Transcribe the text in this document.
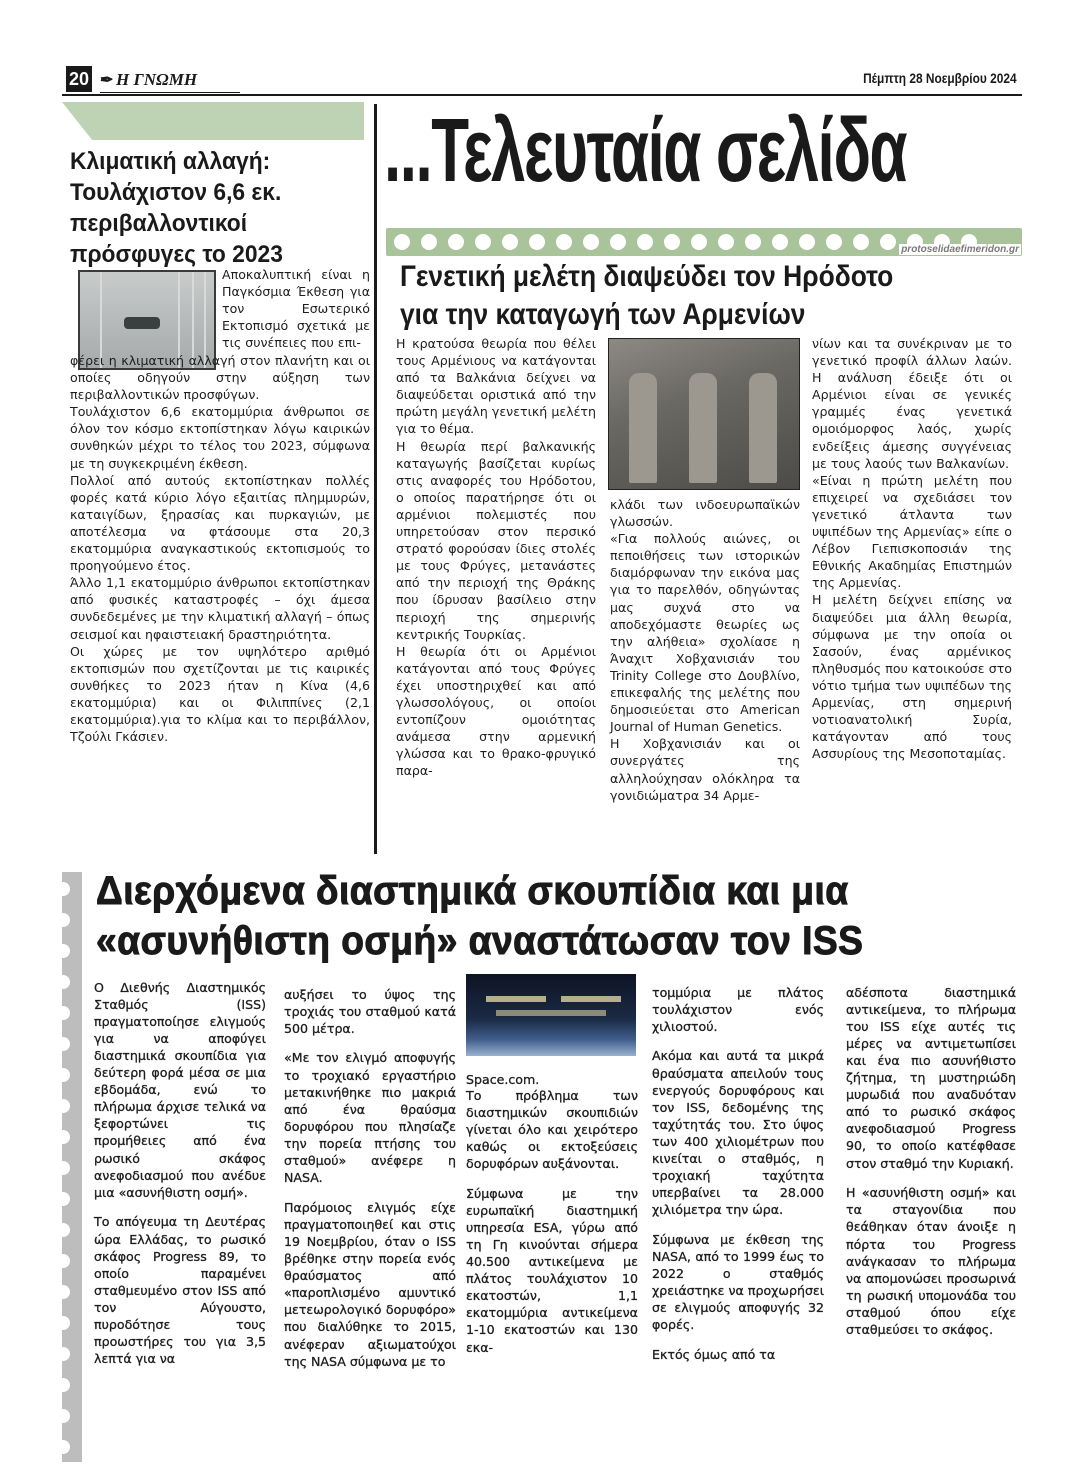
20 ✒ Η ΓΝΩΜΗ	Πέμπτη 28 Νοεμβρίου 2024
...Τελευταία σελίδα
protoselidaefimeridon.gr
Κλιματική αλλαγή: Τουλάχιστον 6,6 εκ. περιβαλλοντικοί πρόσφυγες το 2023

Αποκαλυπτική είναι η Παγκόσμια Έκθεση για τον Εσωτερικό Εκτοπισμό σχετικά με τις συνέπειες που επι-

φέρει η κλιματική αλλαγή στον πλανήτη και οι οποίες οδηγούν στην αύξηση των περιβαλλοντικών προσφύγων.

Τουλάχιστον 6,6 εκατομμύρια άνθρωποι σε όλον τον κόσμο εκτοπίστηκαν λόγω καιρικών συνθηκών μέχρι το τέλος του 2023, σύμφωνα με τη συγκεκριμένη έκθεση.

Πολλοί από αυτούς εκτοπίστηκαν πολλές φορές κατά κύριο λόγο εξαιτίας πλημμυρών, καταιγίδων, ξηρασίας και πυρκαγιών, με αποτέλεσμα να φτάσουμε στα 20,3 εκατομμύρια αναγκαστικούς εκτοπισμούς το προηγούμενο έτος.

Άλλο 1,1 εκατομμύριο άνθρωποι εκτοπίστηκαν από φυσικές καταστροφές – όχι άμεσα συνδεδεμένες με την κλιματική αλλαγή – όπως σεισμοί και ηφαιστειακή δραστηριότητα.

Οι χώρες με τον υψηλότερο αριθμό εκτοπισμών που σχετίζονται με τις καιρικές συνθήκες το 2023 ήταν η Κίνα (4,6 εκατομμύρια) και οι Φιλιππίνες (2,1 εκατομμύρια).για το κλίμα και το περιβάλλον, Τζούλι Γκάσιεν.

Γενετική μελέτη διαψεύδει τον Ηρόδοτο
για την καταγωγή των Αρμενίων

Η κρατούσα θεωρία που θέλει τους Αρμένιους να κατάγονται από τα Βαλκάνια δείχνει να διαψεύδεται οριστικά από την πρώτη μεγάλη γενετική μελέτη για το θέμα.

Η θεωρία περί βαλκανικής καταγωγής βασίζεται κυρίως στις αναφορές του Ηρόδοτου, ο οποίος παρατήρησε ότι οι αρμένιοι πολεμιστές που υπηρετούσαν στον περσικό στρατό φορούσαν ίδιες στολές με τους Φρύγες, μετανάστες από την περιοχή της Θράκης που ίδρυσαν βασίλειο στην περιοχή της σημερινής κεντρικής Τουρκίας.

Η θεωρία ότι οι Αρμένιοι κατάγονται από τους Φρύγες έχει υποστηριχθεί και από γλωσσολόγους, οι οποίοι εντοπίζουν ομοιότητας ανάμεσα στην αρμενική γλώσσα και το θρακο-φρυγικό παρα-

κλάδι των ινδοευρωπαϊκών γλωσσών.

«Για πολλούς αιώνες, οι πεποιθήσεις των ιστορικών διαμόρφωναν την εικόνα μας για το παρελθόν, οδηγώντας μας συχνά στο να αποδεχόμαστε θεωρίες ως την αλήθεια» σχολίασε η Άναχιτ Χοβχανισιάν του Trinity College στο Δουβλίνο, επικεφαλής της μελέτης που δημοσιεύεται στο American Journal of Human Genetics.

Η Χοβχανισιάν και οι συνεργάτες της αλληλούχησαν ολόκληρα τα γονιδιώματρα 34 Αρμε-

νίων και τα συνέκριναν με το γενετικό προφίλ άλλων λαών. Η ανάλυση έδειξε ότι οι Αρμένιοι είναι σε γενικές γραμμές ένας γενετικά ομοιόμορφος λαός, χωρίς ενδείξεις άμεσης συγγένειας με τους λαούς των Βαλκανίων.

«Είναι η πρώτη μελέτη που επιχειρεί να σχεδιάσει τον γενετικό άτλαντα των υψιπέδων της Αρμενίας» είπε ο Λέβον Γιεπισκοποσιάν της Εθνικής Ακαδημίας Επιστημών της Αρμενίας.

Η μελέτη δείχνει επίσης να διαψεύδει μια άλλη θεωρία, σύμφωνα με την οποία οι Σασούν, ένας αρμένικος πληθυσμός που κατοικούσε στο νότιο τμήμα των υψιπέδων της Αρμενίας, στη σημερινή νοτιοανατολική Συρία, κατάγονταν από τους Ασσυρίους της Μεσοποταμίας.

Διερχόμενα διαστημικά σκουπίδια και μια
«ασυνήθιστη οσμή» αναστάτωσαν τον ISS

Ο Διεθνής Διαστημικός Σταθμός (ISS) πραγματοποίησε ελιγμούς για να αποφύγει διαστημικά σκουπίδια για δεύτερη φορά μέσα σε μια εβδομάδα, ενώ το πλήρωμα άρχισε τελικά να ξεφορτώνει τις προμήθειες από ένα ρωσικό σκάφος ανεφοδιασμού που ανέδυε μια «ασυνήθιστη οσμή».

Το απόγευμα τη Δευτέρας ώρα Ελλάδας, το ρωσικό σκάφος Progress 89, το οποίο παραμένει σταθμευμένο στον ISS από τον Αύγουστο, πυροδότησε τους προωστήρες του για 3,5 λεπτά για να

αυξήσει το ύψος της τροχιάς του σταθμού κατά 500 μέτρα.

«Με τον ελιγμό αποφυγής το τροχιακό εργαστήριο μετακινήθηκε πιο μακριά από ένα θραύσμα δορυφόρου που πλησίαζε την πορεία πτήσης του σταθμού» ανέφερε η NASA.

Παρόμοιος ελιγμός είχε πραγματοποιηθεί και στις 19 Νοεμβρίου, όταν ο ISS βρέθηκε στην πορεία ενός θραύσματος από «παροπλισμένο αμυντικό μετεωρολογικό δορυφόρο» που διαλύθηκε το 2015, ανέφεραν αξιωματούχοι της NASA σύμφωνα με το

Space.com.

Το πρόβλημα των διαστημικών σκουπιδιών γίνεται όλο και χειρότερο καθώς οι εκτοξεύσεις δορυφόρων αυξάνονται.

Σύμφωνα με την ευρωπαϊκή διαστημική υπηρεσία ESA, γύρω από τη Γη κινούνται σήμερα 40.500 αντικείμενα με πλάτος τουλάχιστον 10 εκατοστών, 1,1 εκατομμύρια αντικείμενα 1-10 εκατοστών και 130 εκα-

τομμύρια με πλάτος τουλάχιστον ενός χιλιοστού.

Ακόμα και αυτά τα μικρά θραύσματα απειλούν τους ενεργούς δορυφόρους και τον ISS, δεδομένης της ταχύτητάς του. Στο ύψος των 400 χιλιομέτρων που κινείται ο σταθμός, η τροχιακή ταχύτητα υπερβαίνει τα 28.000 χιλιόμετρα την ώρα.

Σύμφωνα με έκθεση της NASA, από το 1999 έως το 2022 ο σταθμός χρειάστηκε να προχωρήσει σε ελιγμούς αποφυγής 32 φορές.

Εκτός όμως από τα

αδέσποτα διαστημικά αντικείμενα, το πλήρωμα του ISS είχε αυτές τις μέρες να αντιμετωπίσει και ένα πιο ασυνήθιστο ζήτημα, τη μυστηριώδη μυρωδιά που αναδυόταν από το ρωσικό σκάφος ανεφοδιασμού Progress 90, το οποίο κατέφθασε στον σταθμό την Κυριακή.

Η «ασυνήθιστη οσμή» και τα σταγονίδια που θεάθηκαν όταν άνοιξε η πόρτα του Progress ανάγκασαν το πλήρωμα να απομονώσει προσωρινά τη ρωσική υπομονάδα του σταθμού όπου είχε σταθμεύσει το σκάφος.
